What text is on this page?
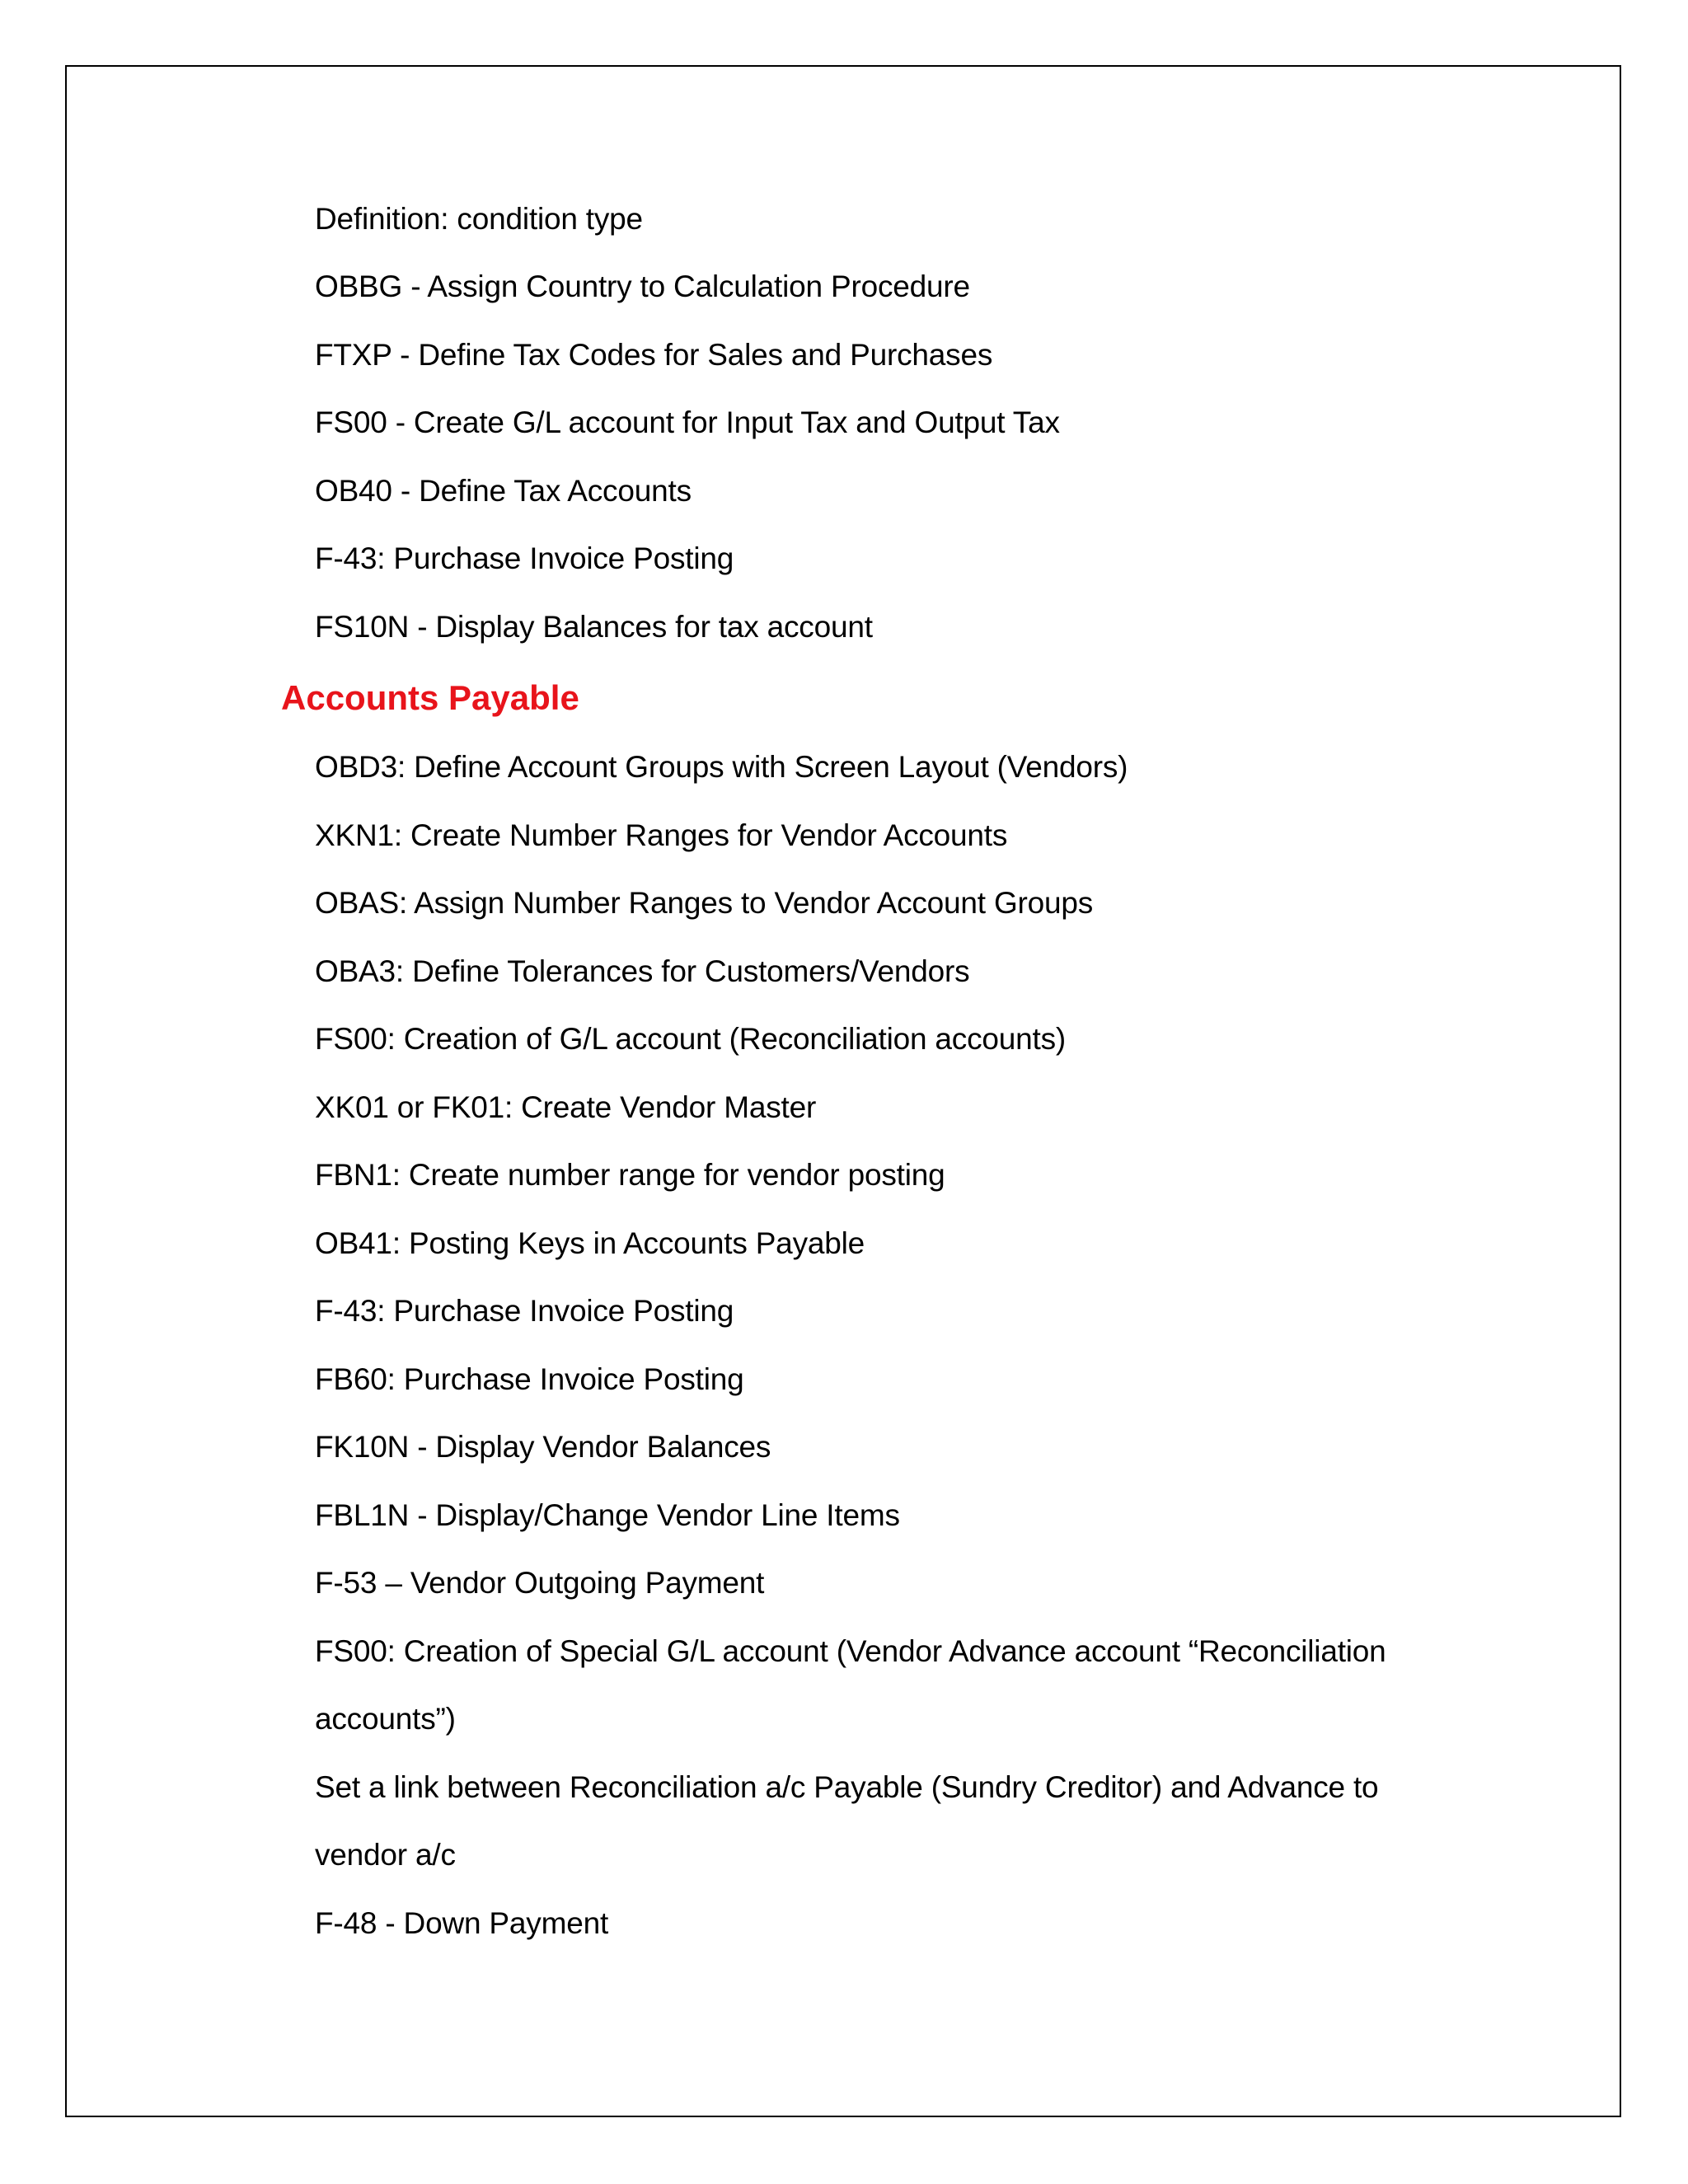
Definition: condition type
OBBG - Assign Country to Calculation Procedure
FTXP - Define Tax Codes for Sales and Purchases
FS00 - Create G/L account for Input Tax and Output Tax
OB40 - Define Tax Accounts
F-43: Purchase Invoice Posting
FS10N - Display Balances for tax account
Accounts Payable
OBD3: Define Account Groups with Screen Layout (Vendors)
XKN1: Create Number Ranges for Vendor Accounts
OBAS: Assign Number Ranges to Vendor Account Groups
OBA3: Define Tolerances for Customers/Vendors
FS00: Creation of G/L account (Reconciliation accounts)
XK01 or FK01: Create Vendor Master
FBN1: Create number range for vendor posting
OB41: Posting Keys in Accounts Payable
F-43: Purchase Invoice Posting
FB60: Purchase Invoice Posting
FK10N - Display Vendor Balances
FBL1N - Display/Change Vendor Line Items
F-53 – Vendor Outgoing Payment
FS00: Creation of Special G/L account (Vendor Advance account “Reconciliation
accounts”)
Set a link between Reconciliation a/c Payable (Sundry Creditor) and Advance to
vendor a/c
F-48 - Down Payment
